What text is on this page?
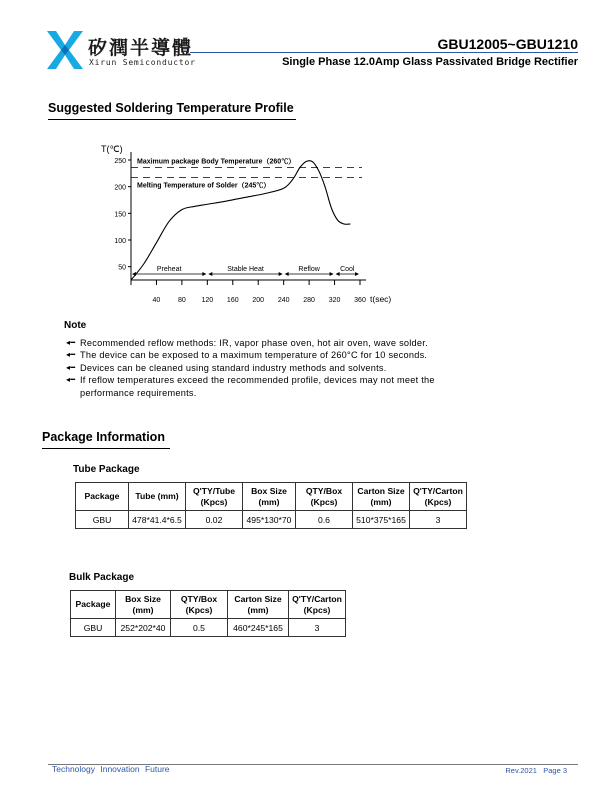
矽潤半導體
Xirun Semiconductor
GBU12005~GBU1210
Single Phase 12.0Amp Glass Passivated Bridge Rectifier
Suggested Soldering Temperature Profile
T(℃)
t(sec)
Maximum package Body Temperature（260℃）
Melting Temperature of Solder（245℃）
Preheat	Stable Heat	Reflow	Cool
50
100
150
200
250
40	80 120 160 200 240 280 320 360
Note
◂━ Recommended reflow methods: IR, vapor phase oven, hot air oven, wave solder.
◂━ The device can be exposed to a maximum temperature of 260°C for 10 seconds.
◂━ Devices can be cleaned using standard industry methods and solvents.
◂━ If reflow temperatures exceed the recommended profile, devices may not meet the performance requirements.
Package Information
Tube Package
Package	Tube (mm)	Q'TY/Tube (Kpcs)	Box Size (mm)	QTY/Box (Kpcs)	Carton Size (mm)	Q'TY/Carton (Kpcs)
GBU	478*41.4*6.5	0.02	495*130*70	0.6	510*375*165	3
Bulk Package
Package	Box Size (mm)	QTY/Box (Kpcs)	Carton Size (mm)	Q'TY/Carton (Kpcs)
GBU	252*202*40	0.5	460*245*165	3
Technology Innovation Future	Rev.2021 Page 3
